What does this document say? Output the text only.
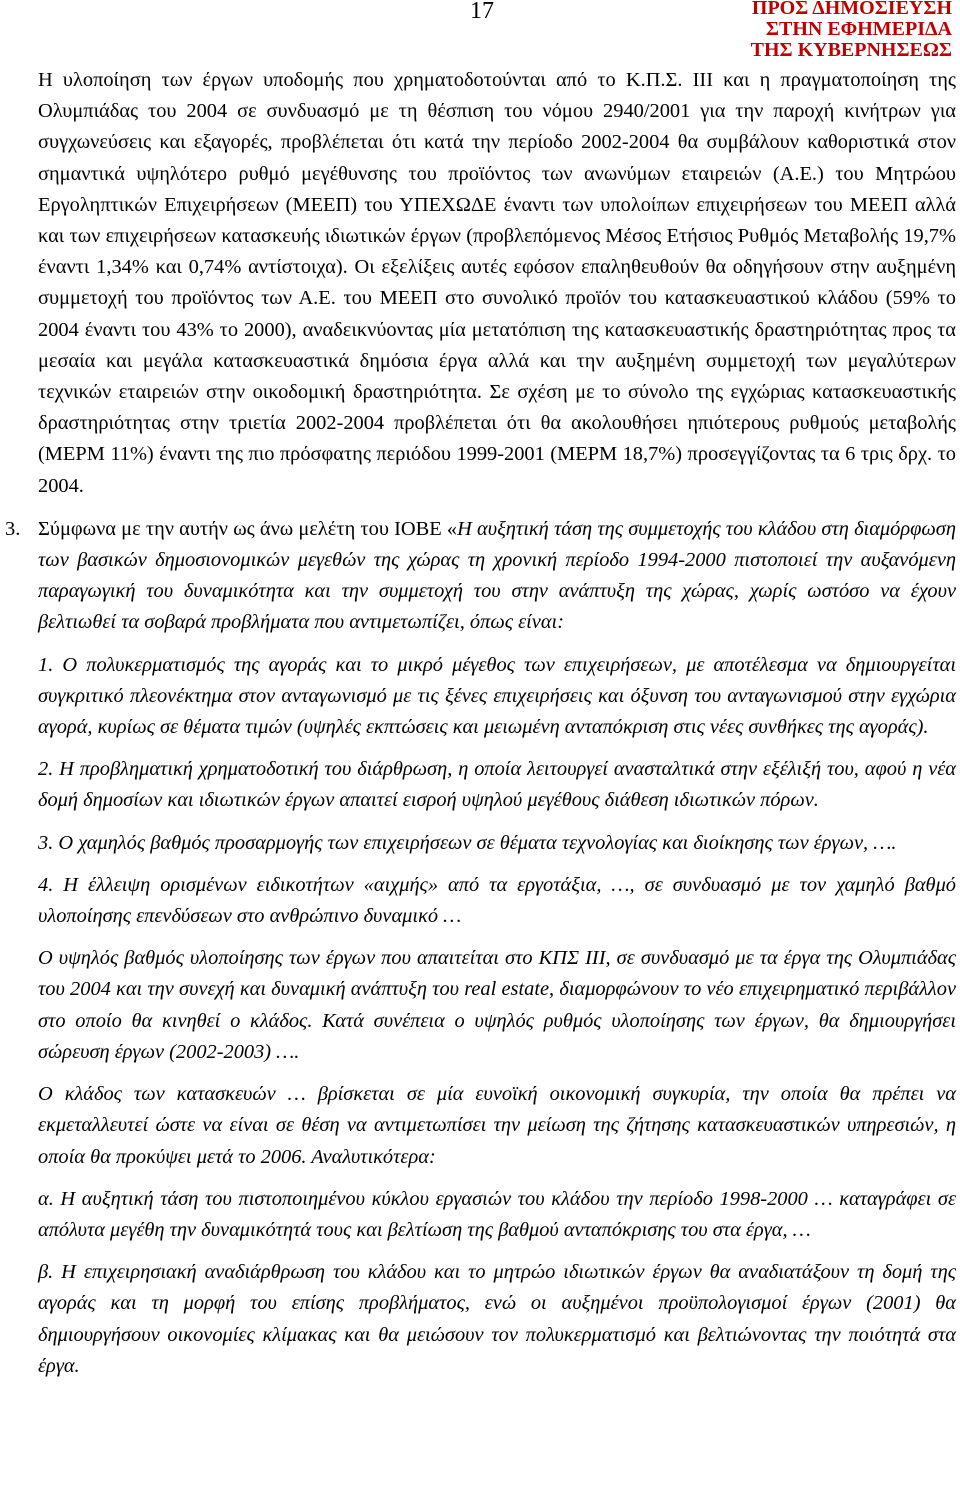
17	ΠΡΟΣ ΔΗΜΟΣΙΕΥΣΗ
ΣΤΗΝ ΕΦΗΜΕΡΙΔΑ
ΤΗΣ ΚΥΒΕΡΝΗΣΕΩΣ

Η υλοποίηση των έργων υποδομής που χρηματοδοτούνται από το Κ.Π.Σ. ΙΙΙ και η πραγματοποίηση της Ολυμπιάδας του 2004 σε συνδυασμό με τη θέσπιση του νόμου 2940/2001 για την παροχή κινήτρων για συγχωνεύσεις και εξαγορές, προβλέπεται ότι κατά την περίοδο 2002-2004 θα συμβάλουν καθοριστικά στον σημαντικά υψηλότερο ρυθμό μεγέθυνσης του προϊόντος των ανωνύμων εταιρειών (Α.Ε.) του Μητρώου Εργοληπτικών Επιχειρήσεων (ΜΕΕΠ) του ΥΠΕΧΩΔΕ έναντι των υπολοίπων επιχειρήσεων του ΜΕΕΠ αλλά και των επιχειρήσεων κατασκευής ιδιωτικών έργων (προβλεπόμενος Μέσος Ετήσιος Ρυθμός Μεταβολής 19,7% έναντι 1,34% και 0,74% αντίστοιχα). Οι εξελίξεις αυτές εφόσον επαληθευθούν θα οδηγήσουν στην αυξημένη συμμετοχή του προϊόντος των Α.Ε. του ΜΕΕΠ στο συνολικό προϊόν του κατασκευαστικού κλάδου (59% το 2004 έναντι του 43% το 2000), αναδεικνύοντας μία μετατόπιση της κατασκευαστικής δραστηριότητας προς τα μεσαία και μεγάλα κατασκευαστικά δημόσια έργα αλλά και την αυξημένη συμμετοχή των μεγαλύτερων τεχνικών εταιρειών στην οικοδομική δραστηριότητα. Σε σχέση με το σύνολο της εγχώριας κατασκευαστικής δραστηριότητας στην τριετία 2002-2004 προβλέπεται ότι θα ακολουθήσει ηπιότερους ρυθμούς μεταβολής (ΜΕΡΜ 11%) έναντι της πιο πρόσφατης περιόδου 1999-2001 (ΜΕΡΜ 18,7%) προσεγγίζοντας τα 6 τρις δρχ. το 2004.

3. Σύμφωνα με την αυτήν ως άνω μελέτη του ΙΟΒΕ «Η αυξητική τάση της συμμετοχής του κλάδου στη διαμόρφωση των βασικών δημοσιονομικών μεγεθών της χώρας τη χρονική περίοδο 1994-2000 πιστοποιεί την αυξανόμενη παραγωγική του δυναμικότητα και την συμμετοχή του στην ανάπτυξη της χώρας, χωρίς ωστόσο να έχουν βελτιωθεί τα σοβαρά προβλήματα που αντιμετωπίζει, όπως είναι:

1. Ο πολυκερματισμός της αγοράς και το μικρό μέγεθος των επιχειρήσεων, με αποτέλεσμα να δημιουργείται συγκριτικό πλεονέκτημα στον ανταγωνισμό με τις ξένες επιχειρήσεις και όξυνση του ανταγωνισμού στην εγχώρια αγορά, κυρίως σε θέματα τιμών (υψηλές εκπτώσεις και μειωμένη ανταπόκριση στις νέες συνθήκες της αγοράς).

2. Η προβληματική χρηματοδοτική του διάρθρωση, η οποία λειτουργεί ανασταλτικά στην εξέλιξή του, αφού η νέα δομή δημοσίων και ιδιωτικών έργων απαιτεί εισροή υψηλού μεγέθους διάθεση ιδιωτικών πόρων.

3. Ο χαμηλός βαθμός προσαρμογής των επιχειρήσεων σε θέματα τεχνολογίας και διοίκησης των έργων, ….

4. Η έλλειψη ορισμένων ειδικοτήτων «αιχμής» από τα εργοτάξια, …, σε συνδυασμό με τον χαμηλό βαθμό υλοποίησης επενδύσεων στο ανθρώπινο δυναμικό …

Ο υψηλός βαθμός υλοποίησης των έργων που απαιτείται στο ΚΠΣ ΙΙΙ, σε συνδυασμό με τα έργα της Ολυμπιάδας του 2004 και την συνεχή και δυναμική ανάπτυξη του real estate, διαμορφώνουν το νέο επιχειρηματικό περιβάλλον στο οποίο θα κινηθεί ο κλάδος. Κατά συνέπεια ο υψηλός ρυθμός υλοποίησης των έργων, θα δημιουργήσει σώρευση έργων (2002-2003) ….

Ο κλάδος των κατασκευών … βρίσκεται σε μία ευνοϊκή οικονομική συγκυρία, την οποία θα πρέπει να εκμεταλλευτεί ώστε να είναι σε θέση να αντιμετωπίσει την μείωση της ζήτησης κατασκευαστικών υπηρεσιών, η οποία θα προκύψει μετά το 2006. Αναλυτικότερα:

α. Η αυξητική τάση του πιστοποιημένου κύκλου εργασιών του κλάδου την περίοδο 1998-2000 … καταγράφει σε απόλυτα μεγέθη την δυναμικότητά τους και βελτίωση της βαθμού ανταπόκρισης του στα έργα, …

β. Η επιχειρησιακή αναδιάρθρωση του κλάδου και το μητρώο ιδιωτικών έργων θα αναδιατάξουν τη δομή της αγοράς και τη μορφή του επίσης προβλήματος, ενώ οι αυξημένοι προϋπολογισμοί έργων (2001) θα δημιουργήσουν οικονομίες κλίμακας και θα μειώσουν τον πολυκερματισμό και βελτιώνοντας την ποιότητά στα έργα.
